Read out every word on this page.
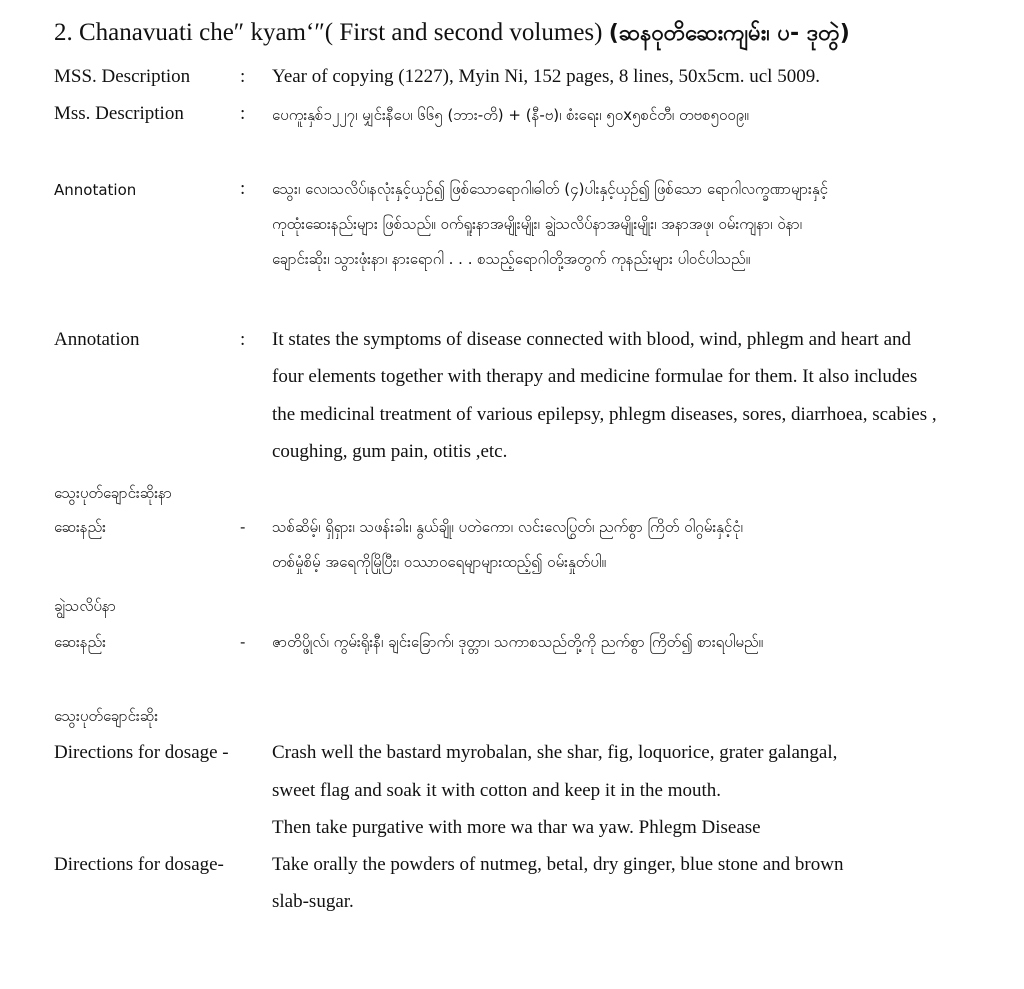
2. Chanavuati che″ kyam‘″( First and second volumes) (ဆနဝုတိဆေးကျမ်း၊ ပ- ဒုတွဲ)
MSS. Description	: Year of copying (1227), Myin Ni, 152 pages, 8 lines, 50x5cm. ucl 5009.
Mss. Description	: ပေကူးနှစ်၁၂၂၇၊ မျှင်းနီပေ၊ ၆၆၅ (ဘား-တိ) + (နီ-ဗ)၊ စံးရေး၊ ၅၀x၅စင်တီ၊ တဗစ၅၀၀၉။
Annotation	: သွေး၊ လေ၊သလိပ်၊နလုံးနှင့်ယှဉ်၍ ဖြစ်သောရောဂါ၊ဓါတ် (၄)ပါးနှင့်ယှဉ်၍ ဖြစ်သော ရောဂါလက္ခဏာများနှင့်
ကုထုံးဆေးနည်းများ ဖြစ်သည်။ ဝက်ရူးနာအမျိုးမျိုး၊ ချွဲသလိပ်နာအမျိုးမျိုး၊ အနာအဖု၊ ဝမ်းကျနာ၊ ဝဲနာ၊
ချောင်းဆိုး၊ သွားဖုံးနာ၊ နားရောဂါ . . . စသည့်ရောဂါတို့အတွက် ကုနည်းများ ပါဝင်ပါသည်။
Annotation	: It states the symptoms of disease connected with blood, wind, phlegm and heart and
four elements together with therapy and medicine formulae for them. It also includes
the medicinal treatment of various epilepsy, phlegm diseases, sores, diarrhoea, scabies ,
coughing, gum pain, otitis ,etc.
သွေးပုတ်ချောင်းဆိုးနာ
ဆေးနည်း	- သစ်ဆိမ့်၊ ရှိရှား၊ သဖန်းခါး၊ နွယ်ချို၊ ပတဲကော၊ လင်းလေပြွတ်၊ ညက်စွာ ကြိတ် ဝါဂွမ်းနှင့်ငုံ၊
တစ်မှုံစိမ့် အရေကိုမြိုပြီး၊ ဝဿာဝရေမျာများထည့်၍ ဝမ်းနှုတ်ပါ။
ချွဲသလိပ်နာ
ဆေးနည်း	- ဇာတိပ္ဖိုလ်၊ ကွမ်းရိုးနီ၊ ချင်းခြောက်၊ ဒုတ္တာ၊ သကာစသည်တို့ကို ညက်စွာ ကြိတ်၍ စားရပါမည်။
သွေးပုတ်ချောင်းဆိုး
Directions for dosage - Crash well the bastard myrobalan, she shar, fig, loquorice, grater galangal,
sweet flag and soak it with cotton and keep it in the mouth.
Then take purgative with more wa thar wa yaw. Phlegm Disease
Directions for dosage-	Take orally the powders of nutmeg, betal, dry ginger, blue stone and brown
slab-sugar.
